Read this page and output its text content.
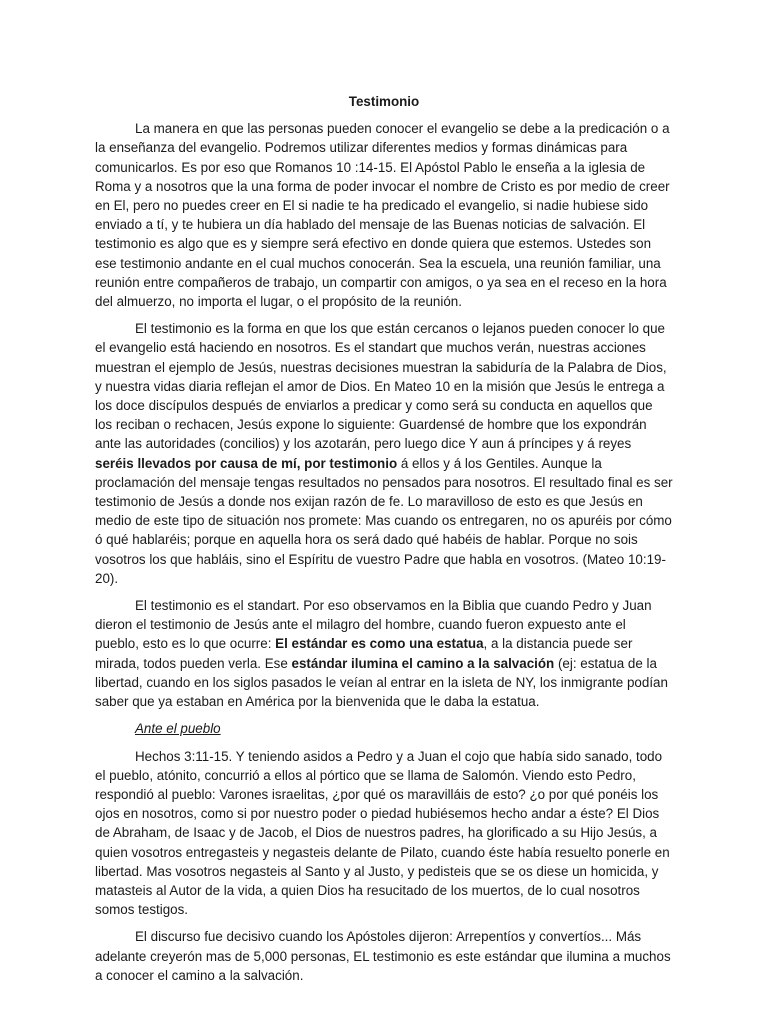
Testimonio

La manera en que las personas pueden conocer el evangelio se debe a la predicación o a la enseñanza del evangelio. Podremos utilizar diferentes medios y formas dinámicas para comunicarlos. Es por eso que Romanos 10 :14-15. El Apóstol Pablo le enseña a la iglesia de Roma y a nosotros que la una forma de poder invocar el nombre de Cristo es por medio de creer en El, pero no puedes creer en El si nadie te ha predicado el evangelio, si nadie hubiese sido enviado a tí, y te hubiera un día hablado del mensaje de las Buenas noticias de salvación. El testimonio es algo que es y siempre será efectivo en donde quiera que estemos. Ustedes son ese testimonio andante en el cual muchos conocerán. Sea la escuela, una reunión familiar, una reunión entre compañeros de trabajo, un compartir con amigos, o ya sea en el receso en la hora del almuerzo, no importa el lugar, o el propósito de la reunión.

El testimonio es la forma en que los que están cercanos o lejanos pueden conocer lo que el evangelio está haciendo en nosotros. Es el standart que muchos verán, nuestras acciones muestran el ejemplo de Jesús, nuestras decisiones muestran la sabiduría de la Palabra de Dios, y nuestra vidas diaria reflejan el amor de Dios. En Mateo 10 en la misión que Jesús le entrega a los doce discípulos después de enviarlos a predicar y como será su conducta en aquellos que los reciban o rechacen, Jesús expone lo siguiente: Guardensé de hombre que los expondrán ante las autoridades (concilios) y los azotarán, pero luego dice Y aun á príncipes y á reyes seréis llevados por causa de mí, por testimonio á ellos y á los Gentiles. Aunque la proclamación del mensaje tengas resultados no pensados para nosotros. El resultado final es ser testimonio de Jesús a donde nos exijan razón de fe. Lo maravilloso de esto es que Jesús en medio de este tipo de situación nos promete: Mas cuando os entregaren, no os apuréis por cómo ó qué hablaréis; porque en aquella hora os será dado qué habéis de hablar. Porque no sois vosotros los que habláis, sino el Espíritu de vuestro Padre que habla en vosotros. (Mateo 10:19-20).

El testimonio es el standart. Por eso observamos en la Biblia que cuando Pedro y Juan dieron el testimonio de Jesús ante el milagro del hombre, cuando fueron expuesto ante el pueblo, esto es lo que ocurre: El estándar es como una estatua, a la distancia puede ser mirada, todos pueden verla. Ese estándar ilumina el camino a la salvación (ej: estatua de la libertad, cuando en los siglos pasados le veían al entrar en la isleta de NY, los inmigrante podían saber que ya estaban en América por la bienvenida que le daba la estatua.

Ante el pueblo

Hechos 3:11-15. Y teniendo asidos a Pedro y a Juan el cojo que había sido sanado, todo el pueblo, atónito, concurrió a ellos al pórtico que se llama de Salomón. Viendo esto Pedro, respondió al pueblo: Varones israelitas, ¿por qué os maravilláis de esto? ¿o por qué ponéis los ojos en nosotros, como si por nuestro poder o piedad hubiésemos hecho andar a éste? El Dios de Abraham, de Isaac y de Jacob, el Dios de nuestros padres, ha glorificado a su Hijo Jesús, a quien vosotros entregasteis y negasteis delante de Pilato, cuando éste había resuelto ponerle en libertad. Mas vosotros negasteis al Santo y al Justo, y pedisteis que se os diese un homicida, y matasteis al Autor de la vida, a quien Dios ha resucitado de los muertos, de lo cual nosotros somos testigos.

El discurso fue decisivo cuando los Apóstoles dijeron: Arrepentíos y convertíos... Más adelante creyerón mas de 5,000 personas, EL testimonio es este estándar que ilumina a muchos a conocer el camino a la salvación.
